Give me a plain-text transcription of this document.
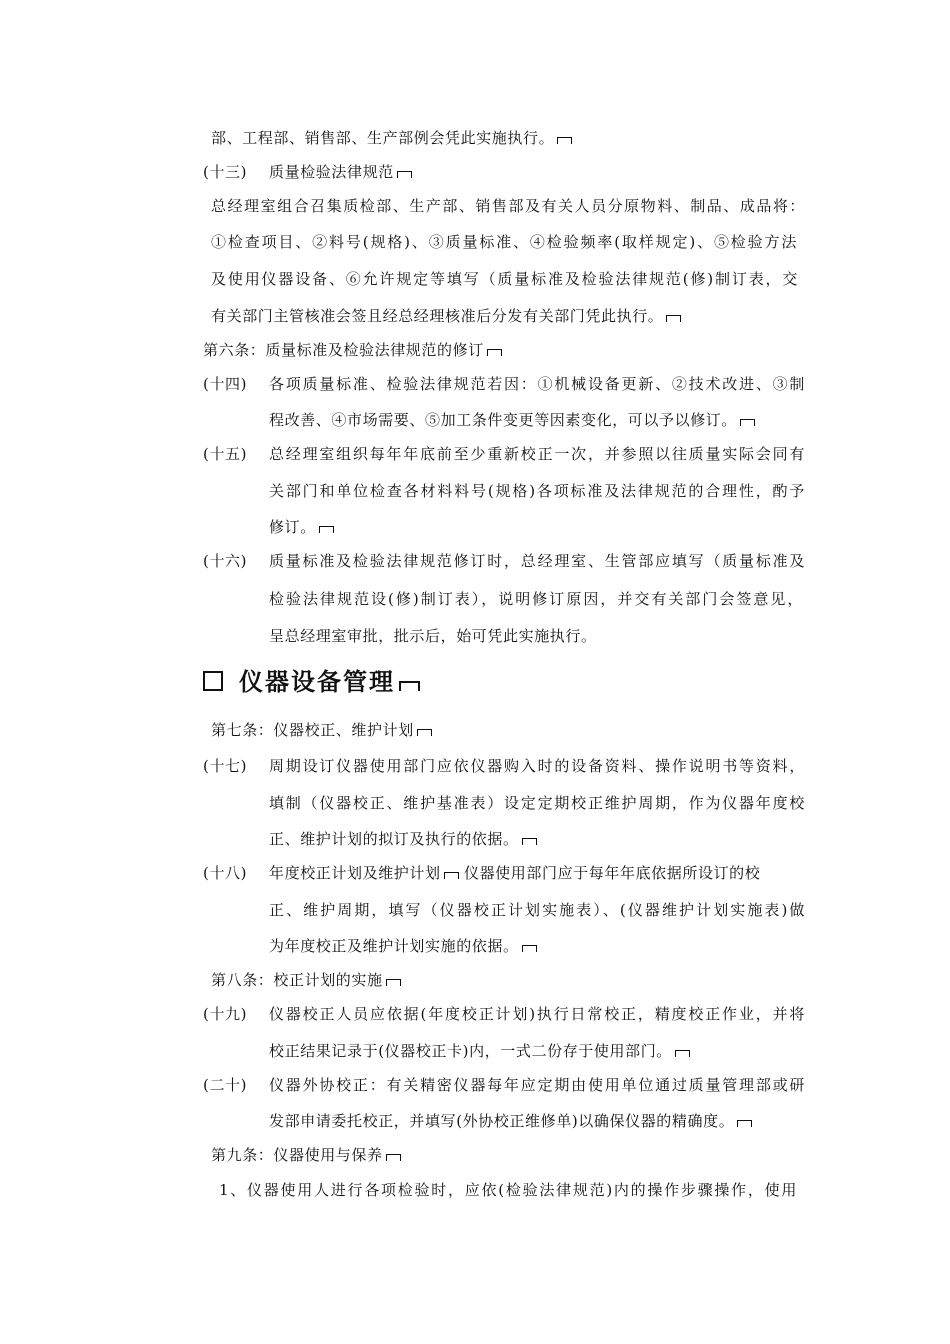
部、工程部、销售部、生产部例会凭此实施执行。
(十三) 质量检验法律规范
总经理室组合召集质检部、生产部、销售部及有关人员分原物料、制品、成品将：
①检查项目、②料号(规格)、③质量标准、④检验频率(取样规定)、⑤检验方法
及使用仪器设备、⑥允许规定等填写（质量标准及检验法律规范(修)制订表，交
有关部门主管核准会签且经总经理核准后分发有关部门凭此执行。
第六条：质量标准及检验法律规范的修订
(十四) 各项质量标准、检验法律规范若因：①机械设备更新、②技术改进、③制
程改善、④市场需要、⑤加工条件变更等因素变化，可以予以修订。
(十五) 总经理室组织每年年底前至少重新校正一次，并参照以往质量实际会同有
关部门和单位检查各材料料号(规格)各项标准及法律规范的合理性，酌予
修订。
(十六) 质量标准及检验法律规范修订时，总经理室、生管部应填写（质量标准及
检验法律规范设(修)制订表），说明修订原因，并交有关部门会签意见，
呈总经理室审批，批示后，始可凭此实施执行。
仪器设备管理
第七条：仪器校正、维护计划
(十七) 周期设订仪器使用部门应依仪器购入时的设备资料、操作说明书等资料，
填制（仪器校正、维护基准表）设定定期校正维护周期，作为仪器年度校
正、维护计划的拟订及执行的依据。
(十八) 年度校正计划及维护计划 仪器使用部门应于每年年底依据所设订的校
正、维护周期，填写（仪器校正计划实施表）、(仪器维护计划实施表)做
为年度校正及维护计划实施的依据。
第八条：校正计划的实施
(十九) 仪器校正人员应依据(年度校正计划)执行日常校正，精度校正作业，并将
校正结果记录于(仪器校正卡)内，一式二份存于使用部门。
(二十) 仪器外协校正：有关精密仪器每年应定期由使用单位通过质量管理部或研
发部申请委托校正，并填写(外协校正维修单)以确保仪器的精确度。
第九条：仪器使用与保养
1、仪器使用人进行各项检验时，应依(检验法律规范)内的操作步骤操作，使用
